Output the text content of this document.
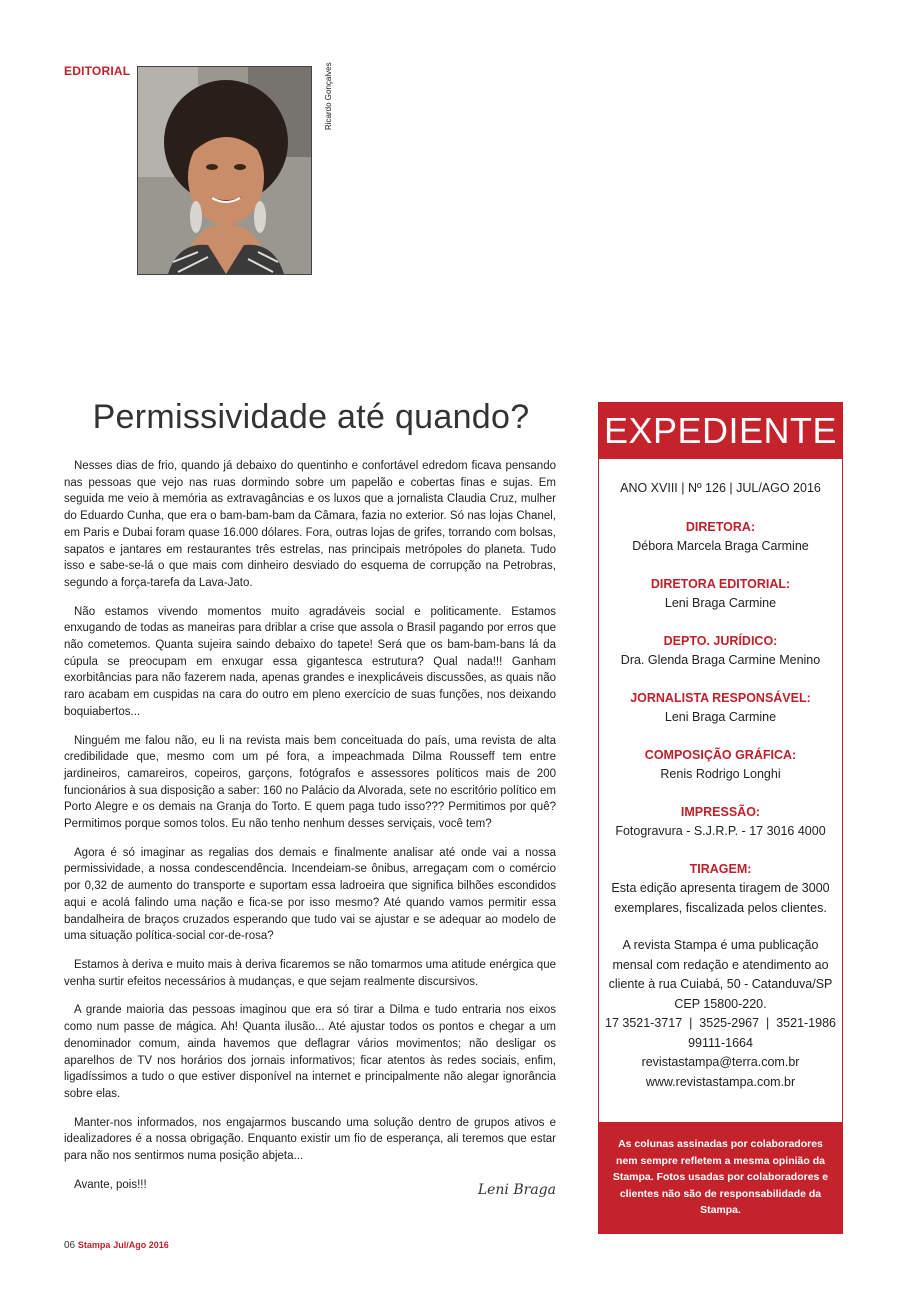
EDITORIAL	Ricardo Gonçalves
Permissividade até quando?

Nesses dias de frio, quando já debaixo do quentinho e confortável edredom ficava pensando nas pessoas que vejo nas ruas dormindo sobre um papelão e cobertas finas e sujas. Em seguida me veio à memória as extravagâncias e os luxos que a jornalista Claudia Cruz, mulher do Eduardo Cunha, que era o bam-bam-bam da Câmara, fazia no exterior. Só nas lojas Chanel, em Paris e Dubai foram quase 16.000 dólares. Fora, outras lojas de grifes, torrando com bolsas, sapatos e jantares em restaurantes três estrelas, nas principais metrópoles do planeta. Tudo isso e sabe-se-lá o que mais com dinheiro desviado do esquema de corrupção na Petrobras, segundo a força-tarefa da Lava-Jato.

Não estamos vivendo momentos muito agradáveis social e politicamente. Estamos enxugando de todas as maneiras para driblar a crise que assola o Brasil pagando por erros que não cometemos. Quanta sujeira saindo debaixo do tapete! Será que os bam-bam-bans lá da cúpula se preocupam em enxugar essa gigantesca estrutura? Qual nada!!! Ganham exorbitâncias para não fazerem nada, apenas grandes e inexplicáveis discussões, as quais não raro acabam em cuspidas na cara do outro em pleno exercício de suas funções, nos deixando boquiabertos...

Ninguém me falou não, eu li na revista mais bem conceituada do país, uma revista de alta credibilidade que, mesmo com um pé fora, a impeachmada Dilma Rousseff tem entre jardineiros, camareiros, copeiros, garçons, fotógrafos e assessores políticos mais de 200 funcionários à sua disposição a saber: 160 no Palácio da Alvorada, sete no escritório político em Porto Alegre e os demais na Granja do Torto. E quem paga tudo isso??? Permitimos por quê? Permitimos porque somos tolos. Eu não tenho nenhum desses serviçais, você tem?

Agora é só imaginar as regalias dos demais e finalmente analisar até onde vai a nossa permissividade, a nossa condescendência. Incendeiam-se ônibus, arregaçam com o comércio por 0,32 de aumento do transporte e suportam essa ladroeira que significa bilhões escondidos aqui e acolá falindo uma nação e fica-se por isso mesmo? Até quando vamos permitir essa bandalheira de braços cruzados esperando que tudo vai se ajustar e se adequar ao modelo de uma situação política-social cor-de-rosa?

Estamos à deriva e muito mais à deriva ficaremos se não tomarmos uma atitude enérgica que venha surtir efeitos necessários à mudanças, e que sejam realmente discursivos.

A grande maioria das pessoas imaginou que era só tirar a Dilma e tudo entraria nos eixos como num passe de mágica. Ah! Quanta ilusão... Até ajustar todos os pontos e chegar a um denominador comum, ainda havemos que deflagrar vários movimentos; não desligar os aparelhos de TV nos horários dos jornais informativos; ficar atentos às redes sociais, enfim, ligadíssimos a tudo o que estiver disponível na internet e principalmente não alegar ignorância sobre elas.

Manter-nos informados, nos engajarmos buscando uma solução dentro de grupos ativos e idealizadores é a nossa obrigação. Enquanto existir um fio de esperança, ali teremos que estar para não nos sentirmos numa posição abjeta...

Avante, pois!!!	Leni Braga
06 Stampa Jul/Ago 2016
EXPEDIENTE
ANO XVIII | Nº 126 | JUL/AGO 2016
DIRETORA:
Débora Marcela Braga Carmine
DIRETORA EDITORIAL:
Leni Braga Carmine
DEPTO. JURÍDICO:
Dra. Glenda Braga Carmine Menino
JORNALISTA RESPONSÁVEL:
Leni Braga Carmine
COMPOSIÇÃO GRÁFICA:
Renis Rodrigo Longhi
IMPRESSÃO:
Fotogravura - S.J.R.P. - 17 3016 4000
TIRAGEM:
Esta edição apresenta tiragem de 3000 exemplares, fiscalizada pelos clientes.
A revista Stampa é uma publicação
mensal com redação e atendimento ao
cliente à rua Cuiabá, 50 - Catanduva/SP
CEP 15800-220.
17 3521-3717  |  3525-2967  |  3521-1986
99111-1664
revistastampa@terra.com.br
www.revistastampa.com.br
As colunas assinadas por colaboradores nem sempre refletem a mesma opinião da Stampa. Fotos usadas por colaboradores e clientes não são de responsabilidade da Stampa.
